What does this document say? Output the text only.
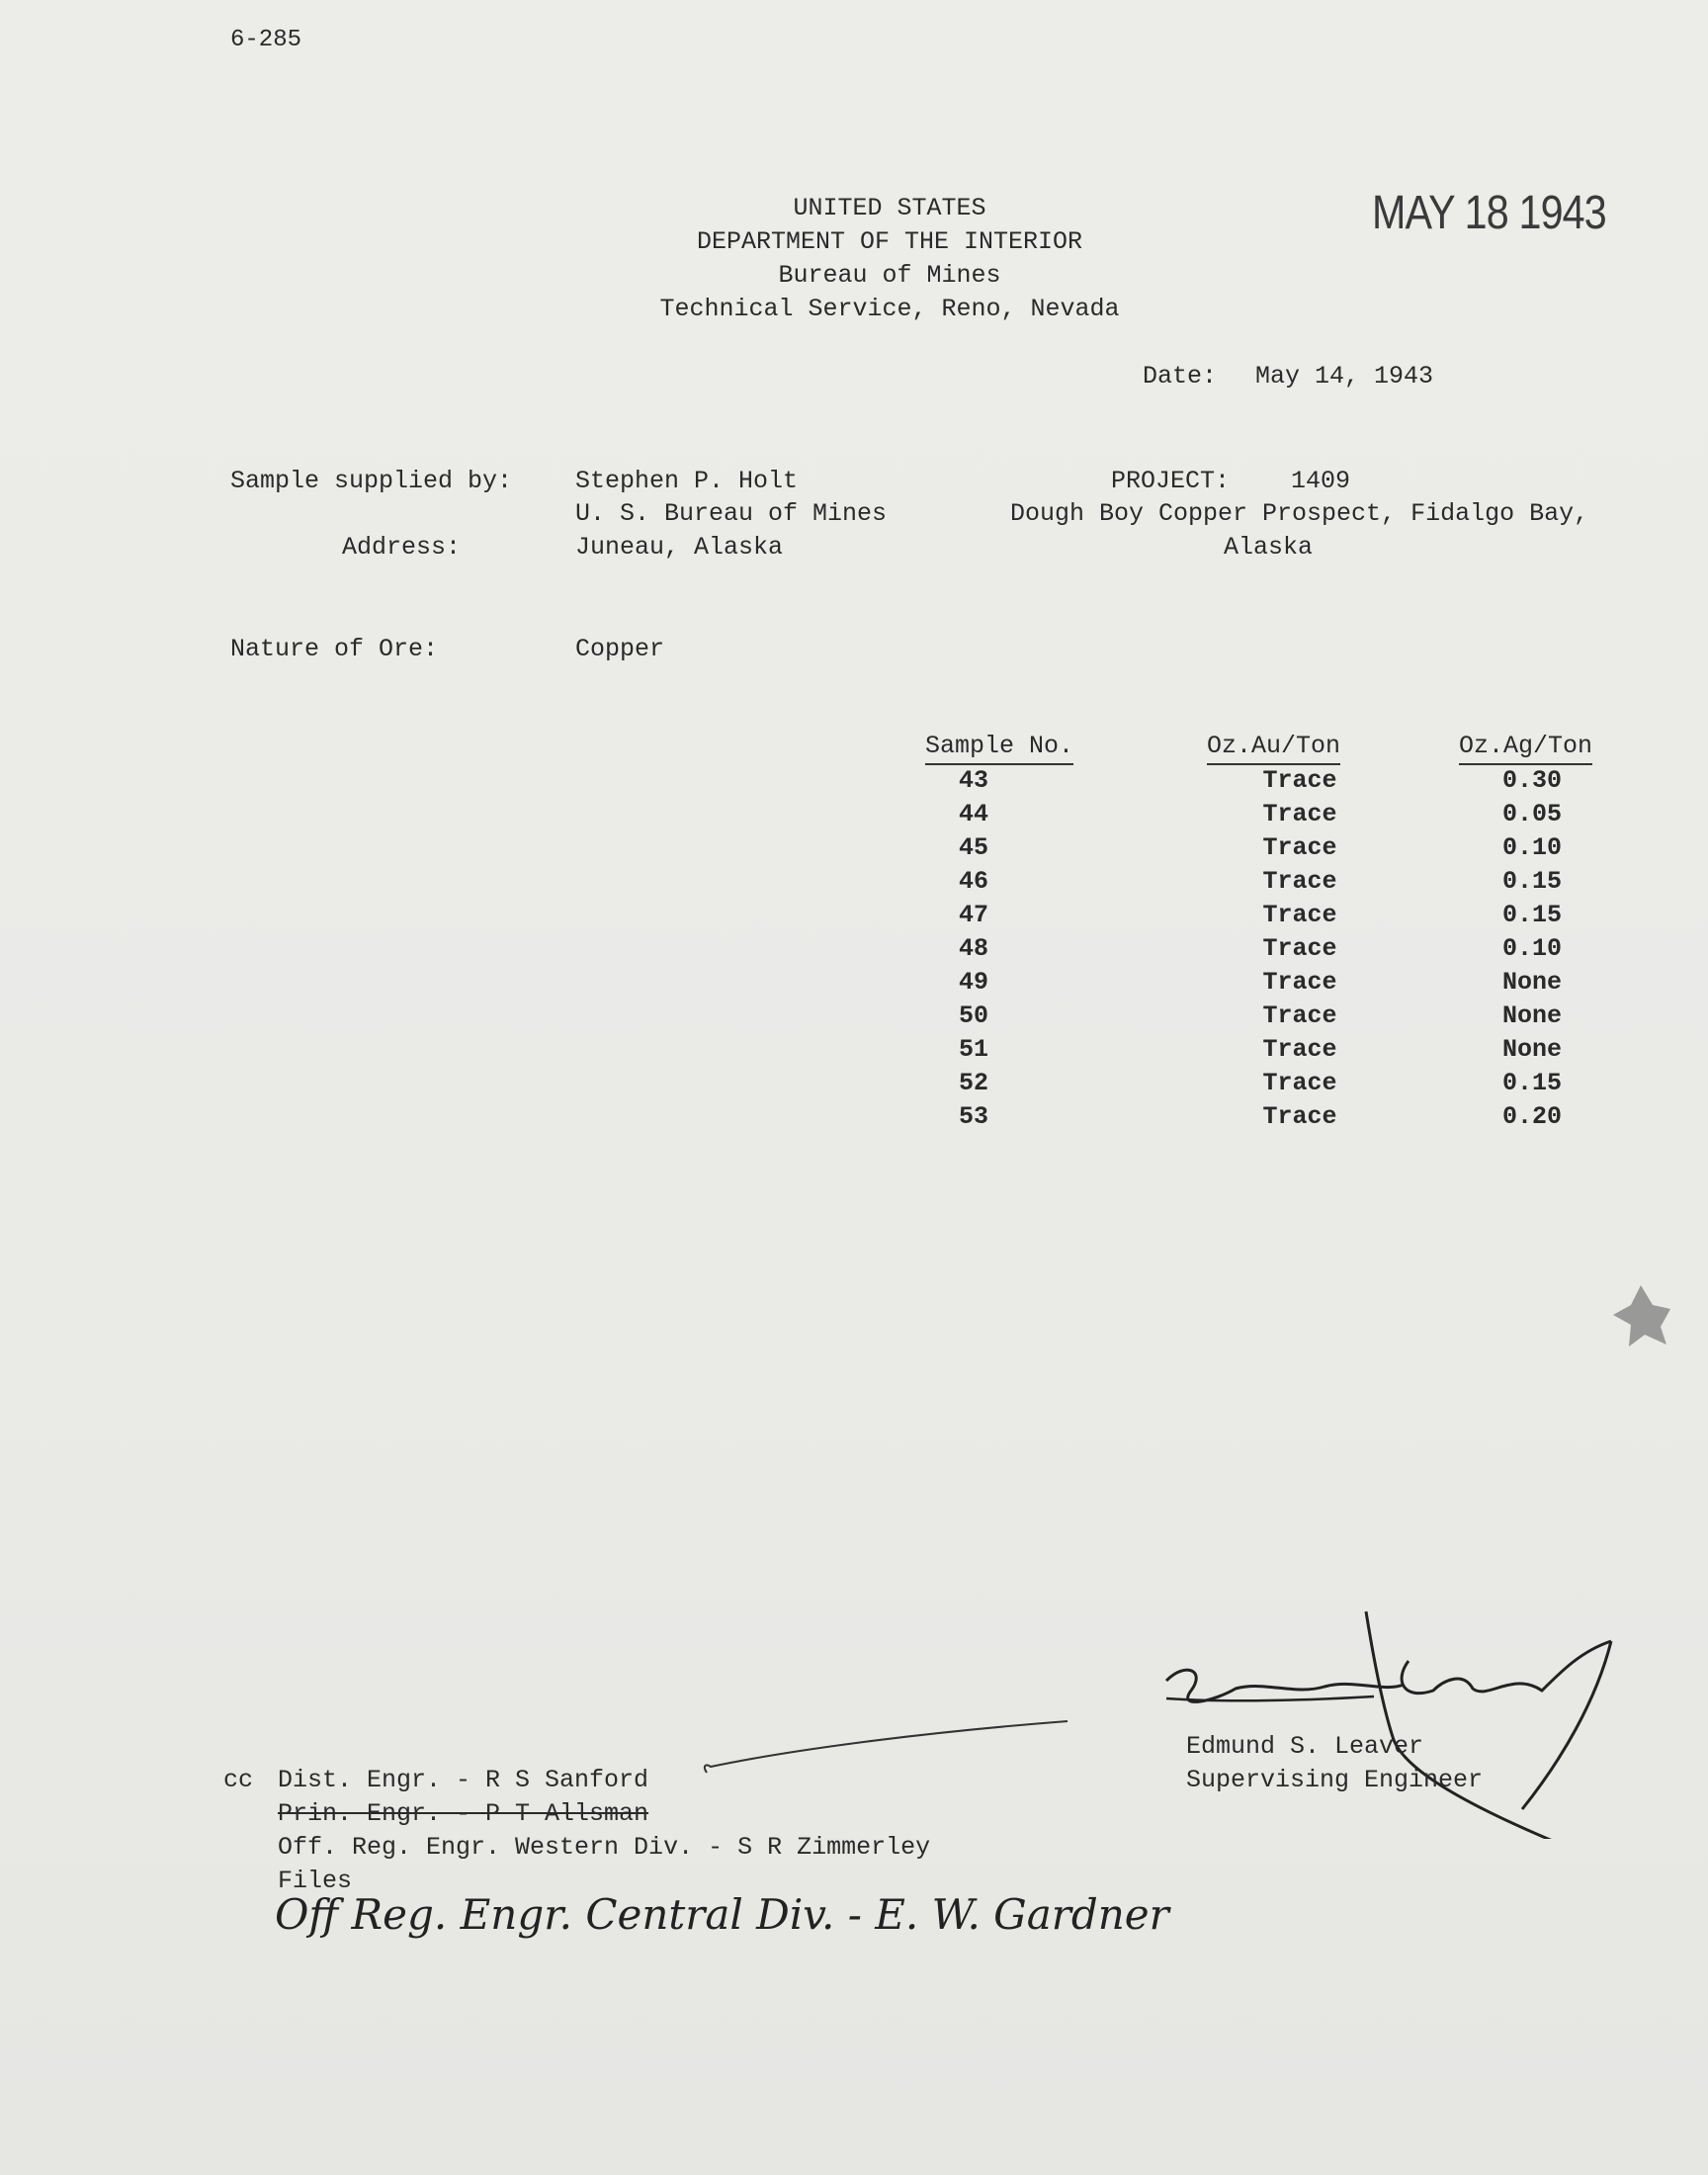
6-285
MAY 18 1943
UNITED STATES
DEPARTMENT OF THE INTERIOR
Bureau of Mines
Technical Service, Reno, Nevada
Date: May 14, 1943
Sample supplied by:	Stephen P. Holt
U. S. Bureau of Mines
Address:	Juneau, Alaska
PROJECT: 1409
Dough Boy Copper Prospect, Fidalgo Bay,
Alaska
Nature of Ore:	Copper
Sample No.	Oz.Au/Ton	Oz.Ag/Ton
43	Trace	0.30
44	Trace	0.05
45	Trace	0.10
46	Trace	0.15
47	Trace	0.15
48	Trace	0.10
49	Trace	None
50	Trace	None
51	Trace	None
52	Trace	0.15
53	Trace	0.20
Edmund S. Leaver
Supervising Engineer
cc Dist. Engr. - R S Sanford
Prin. Engr. - P T Allsman
Off. Reg. Engr. Western Div. - S R Zimmerley
Files
Off Reg. Engr. Central Div. - E. W. Gardner
